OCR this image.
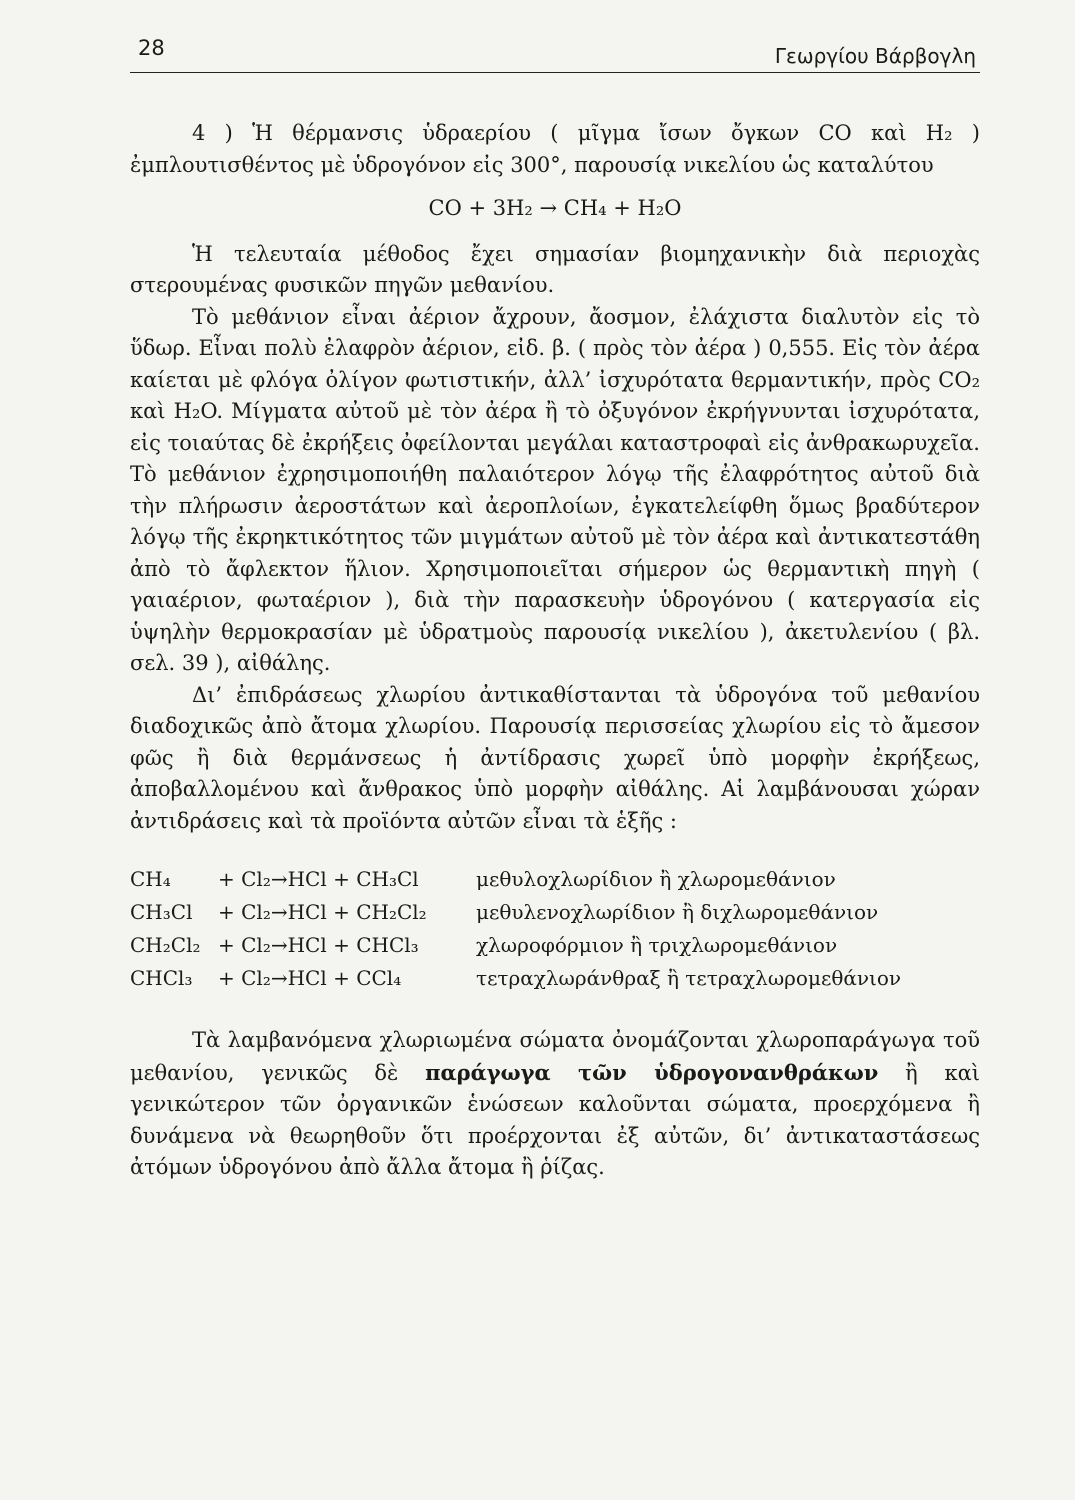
28	Γεωργίου Βάρβογλη

4 ) Ἡ θέρμανσις ὑδραερίου ( μῖγμα ἴσων ὄγκων CO καὶ H₂ ) ἐμπλουτισθέντος μὲ ὑδρογόνον εἰς 300°, παρουσίᾳ νικελίου ὡς καταλύτου

CO + 3H₂ → CH₄ + H₂O

Ἡ τελευταία μέθοδος ἔχει σημασίαν βιομηχανικὴν διὰ περιοχὰς στερουμένας φυσικῶν πηγῶν μεθανίου.

Τὸ μεθάνιον εἶναι ἀέριον ἄχρουν, ἄοσμον, ἐλάχιστα διαλυτὸν εἰς τὸ ὕδωρ. Εἶναι πολὺ ἐλαφρὸν ἀέριον, εἰδ. β. ( πρὸς τὸν ἀέρα ) 0,555. Εἰς τὸν ἀέρα καίεται μὲ φλόγα ὀλίγον φωτιστικήν, ἀλλ’ ἰσχυρότατα θερμαντικήν, πρὸς CO₂ καὶ H₂O. Μίγματα αὐτοῦ μὲ τὸν ἀέρα ἢ τὸ ὀξυγόνον ἐκρήγνυνται ἰσχυρότατα, εἰς τοιαύτας δὲ ἐκρήξεις ὀφείλονται μεγάλαι καταστροφαὶ εἰς ἀνθρακωρυχεῖα. Τὸ μεθάνιον ἐχρησιμοποιήθη παλαιότερον λόγῳ τῆς ἐλαφρότητος αὐτοῦ διὰ τὴν πλήρωσιν ἀεροστάτων καὶ ἀεροπλοίων, ἐγκατελείφθη ὅμως βραδύτερον λόγῳ τῆς ἐκρηκτικότητος τῶν μιγμάτων αὐτοῦ μὲ τὸν ἀέρα καὶ ἀντικατεστάθη ἀπὸ τὸ ἄφλεκτον ἥλιον. Χρησιμοποιεῖται σήμερον ὡς θερμαντικὴ πηγὴ ( γαιαέριον, φωταέριον ), διὰ τὴν παρασκευὴν ὑδρογόνου ( κατεργασία εἰς ὑψηλὴν θερμοκρασίαν μὲ ὑδρατμοὺς παρουσίᾳ νικελίου ), ἀκετυλενίου ( βλ. σελ. 39 ), αἰθάλης.

Δι’ ἐπιδράσεως χλωρίου ἀντικαθίστανται τὰ ὑδρογόνα τοῦ μεθανίου διαδοχικῶς ἀπὸ ἄτομα χλωρίου. Παρουσίᾳ περισσείας χλωρίου εἰς τὸ ἄμεσον φῶς ἢ διὰ θερμάνσεως ἡ ἀντίδρασις χωρεῖ ὑπὸ μορφὴν ἐκρήξεως, ἀποβαλλομένου καὶ ἄνθρακος ὑπὸ μορφὴν αἰθάλης. Αἱ λαμβάνουσαι χώραν ἀντιδράσεις καὶ τὰ προϊόντα αὐτῶν εἶναι τὰ ἑξῆς :

CH₄	+ Cl₂→HCl + CH₃Cl	μεθυλοχλωρίδιον ἢ χλωρομεθάνιον
CH₃Cl	+ Cl₂→HCl + CH₂Cl₂	μεθυλενοχλωρίδιον ἢ διχλωρομεθάνιον
CH₂Cl₂	+ Cl₂→HCl + CHCl₃	χλωροφόρμιον ἢ τριχλωρομεθάνιον
CHCl₃	+ Cl₂→HCl + CCl₄	τετραχλωράνθραξ ἢ τετραχλωρομεθάνιον

Τὰ λαμβανόμενα χλωριωμένα σώματα ὀνομάζονται χλωροπαράγωγα τοῦ μεθανίου, γενικῶς δὲ παράγωγα τῶν ὑδρογονανθράκων ἢ καὶ γενικώτερον τῶν ὀργανικῶν ἑνώσεων καλοῦνται σώματα, προερχόμενα ἢ δυνάμενα νὰ θεωρηθοῦν ὅτι προέρχονται ἐξ αὐτῶν, δι’ ἀντικαταστάσεως ἀτόμων ὑδρογόνου ἀπὸ ἄλλα ἄτομα ἢ ῥίζας.
